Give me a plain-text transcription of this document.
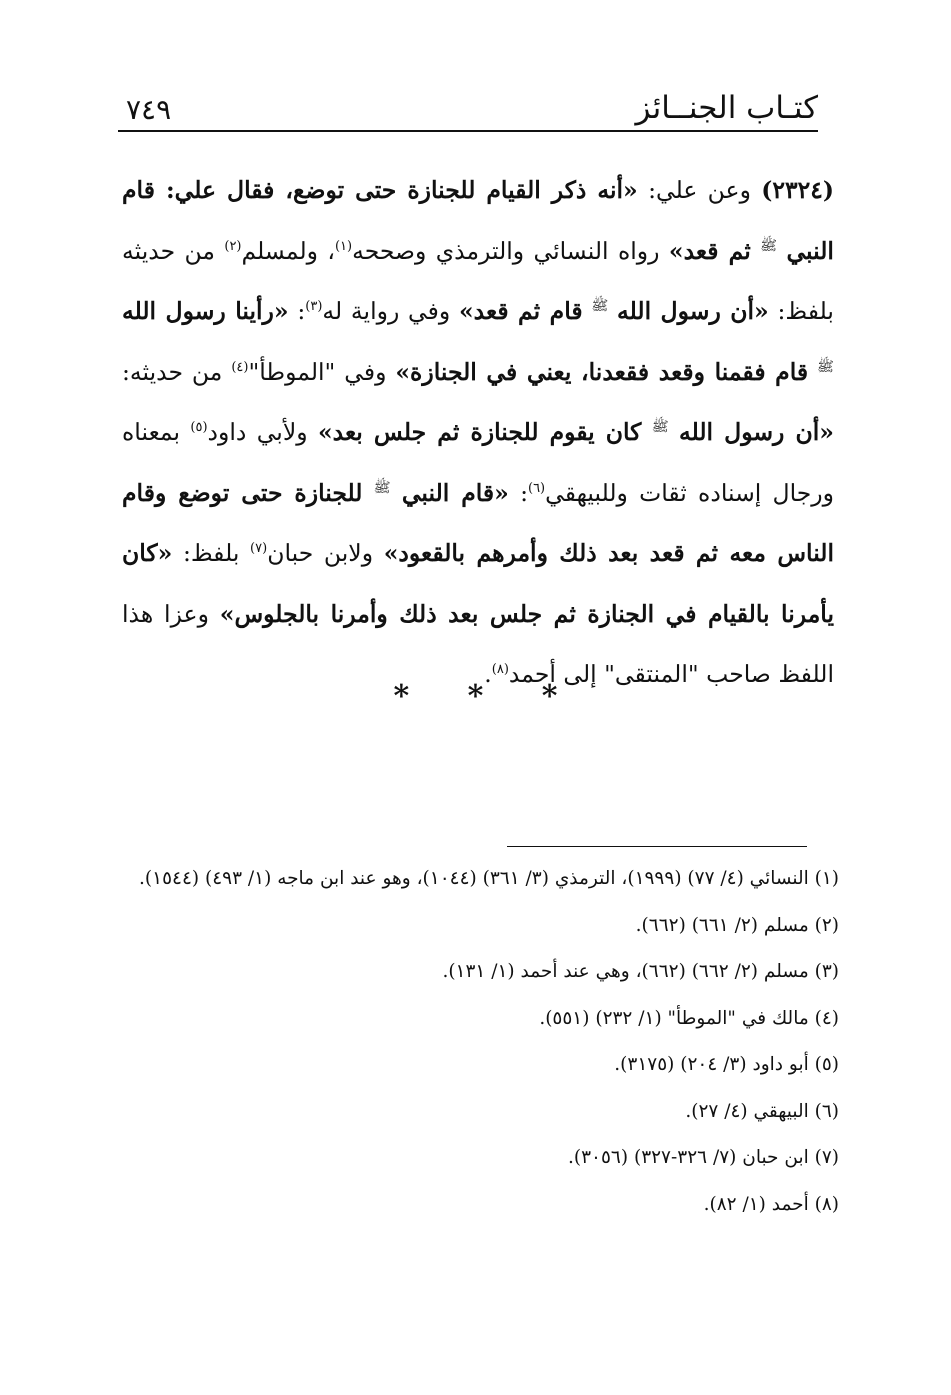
كتـاب الجنــائز
٧٤٩
(٢٣٢٤) وعن علي: «أنه ذكر القيام للجنازة حتى توضع، فقال علي: قام النبي $^ﷺ$ ثم قعد» رواه النسائي والترمذي وصححه$^{(١)}$، ولمسلم$^{(٢)}$ من حديثه بلفظ: «أن رسول الله $^ﷺ$ قام ثم قعد» وفي رواية له$^{(٣)}$: «رأينا رسول الله $^ﷺ$ قام فقمنا وقعد فقعدنا، يعني في الجنازة» وفي "الموطأ"$^{(٤)}$ من حديثه: «أن رسول الله $^ﷺ$ كان يقوم للجنازة ثم جلس بعد» ولأبي داود$^{(٥)}$ بمعناه ورجال إسناده ثقات وللبيهقي$^{(٦)}$: «قام النبي $^ﷺ$ للجنازة حتى توضع وقام الناس معه ثم قعد بعد ذلك وأمرهم بالقعود» ولابن حبان$^{(٧)}$ بلفظ: «كان يأمرنا بالقيام في الجنازة ثم جلس بعد ذلك وأمرنا بالجلوس» وعزا هذا اللفظ صاحب "المنتقى" إلى أحمد$^{(٨)}$.
* * *

(١) النسائي (٤/ ٧٧) (١٩٩٩)، الترمذي (٣/ ٣٦١) (١٠٤٤)، وهو عند ابن ماجه (١/ ٤٩٣) (١٥٤٤).

(٢) مسلم (٢/ ٦٦١) (٦٦٢).

(٣) مسلم (٢/ ٦٦٢) (٦٦٢)، وهي عند أحمد (١/ ١٣١).

(٤) مالك في "الموطأ" (١/ ٢٣٢) (٥٥١).

(٥) أبو داود (٣/ ٢٠٤) (٣١٧٥).

(٦) البيهقي (٤/ ٢٧).

(٧) ابن حبان (٧/ ٣٢٦-٣٢٧) (٣٠٥٦).

(٨) أحمد (١/ ٨٢).
